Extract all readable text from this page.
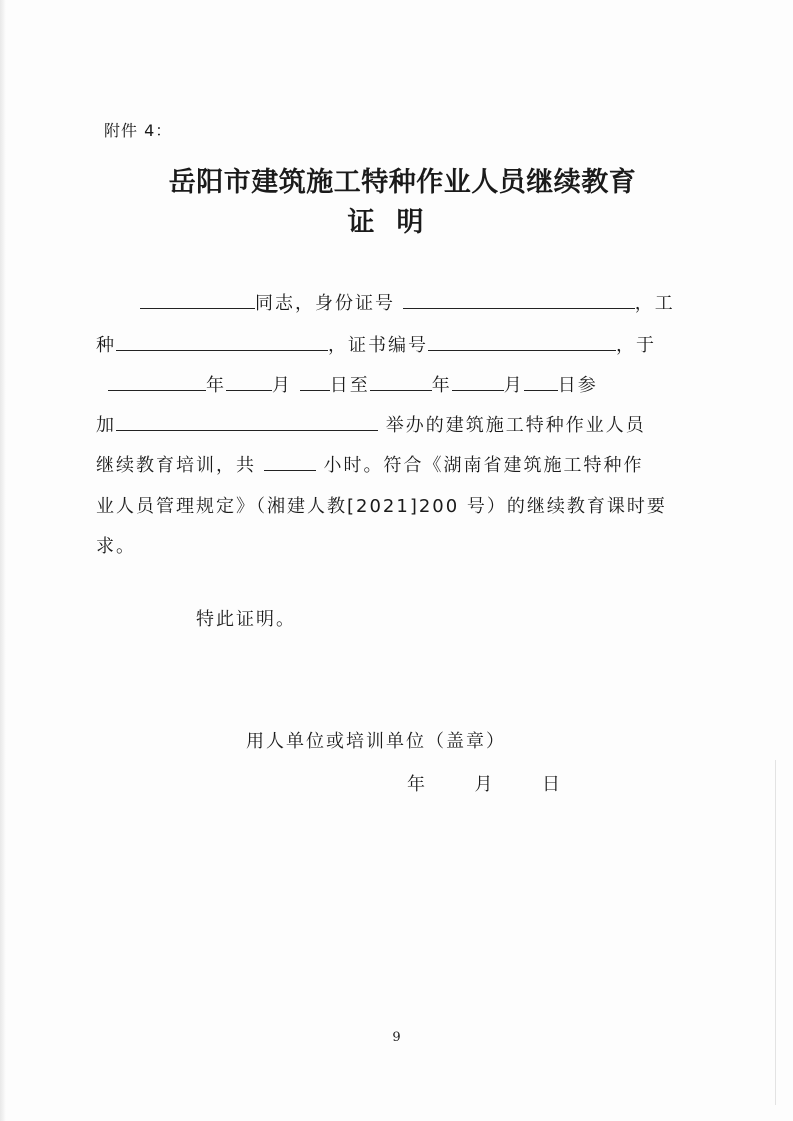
附件 4：
岳阳市建筑施工特种作业人员继续教育
证明
同志，身份证号	，工
种	，证书编号	，于
年	月 日至	年	月 日参
加	举办的建筑施工特种作业人员
继续教育培训，共	小时。符合《湖南省建筑施工特种作
业人员管理规定》（湘建人教[2021]200 号）的继续教育课时要
求。
特此证明。
用人单位或培训单位（盖章）
年	月	日
9
